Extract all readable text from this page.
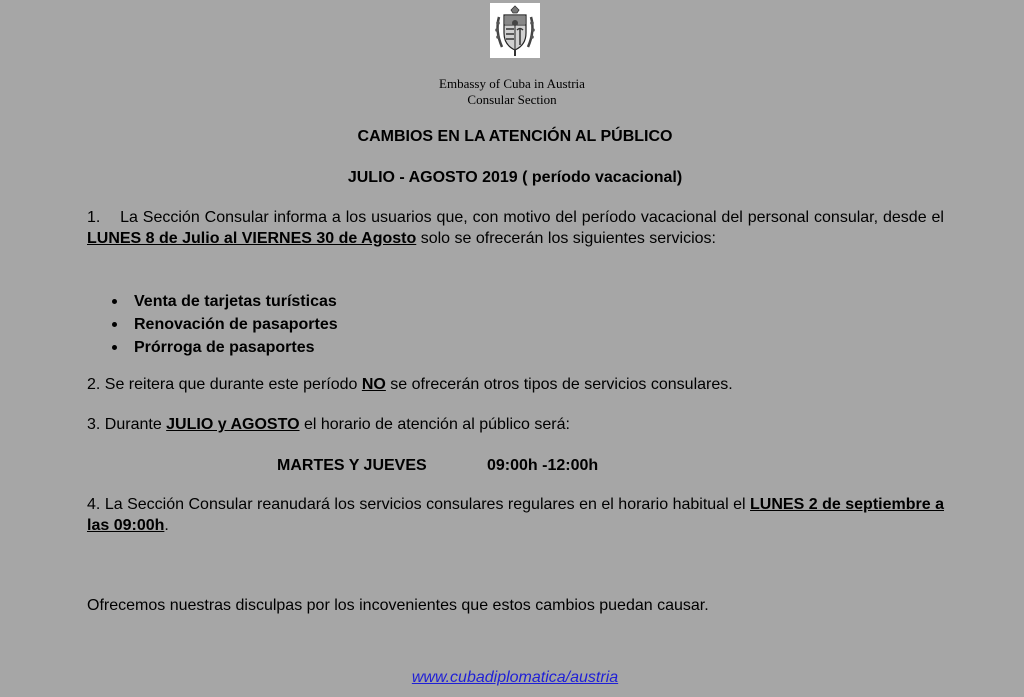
Embassy of Cuba in Austria
Consular Section
CAMBIOS EN LA ATENCIÓN AL PÚBLICO
JULIO - AGOSTO 2019 ( período vacacional)
1.    La Sección Consular informa a los usuarios que, con motivo del período vacacional del personal consular, desde el LUNES 8 de Julio al VIERNES 30 de Agosto solo se ofrecerán los siguientes servicios:
Venta de tarjetas turísticas
Renovación de pasaportes
Prórroga de pasaportes
2. Se reitera que durante este período NO se ofrecerán otros tipos de servicios consulares.
3. Durante JULIO y AGOSTO el horario de atención al público será:
MARTES Y JUEVES	09:00h -12:00h
4. La Sección Consular reanudará los servicios consulares regulares en el horario habitual el LUNES 2 de septiembre a las 09:00h.
Ofrecemos nuestras disculpas por los incovenientes que estos cambios puedan causar.
www.cubadiplomatica/austria
